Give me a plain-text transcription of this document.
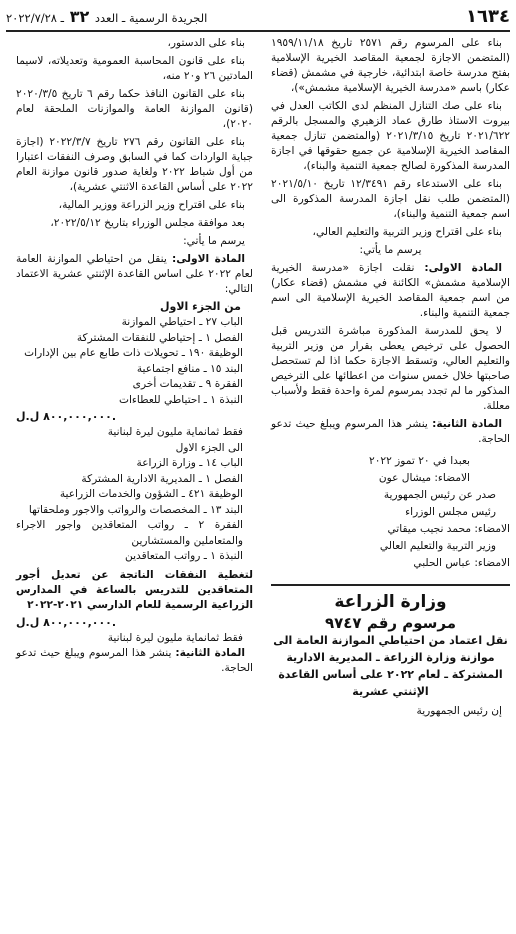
١٦٣٤
الجريدة الرسمية ـ العدد ٣٢ ـ ٢٠٢٢/٧/٢٨

بناء على المرسوم رقم ٢٥٧١ تاريخ ١٩٥٩/١١/١٨ (المتضمن الاجازة لجمعية المقاصد الخيرية الإسلامية بفتح مدرسة خاصة ابتدائية، خارجية في مشمش (قضاء عكار) باسم «مدرسة الخيرية الإسلامية مشمش»)،

بناء على صك التنازل المنظم لدى الكاتب العدل في بيروت الاستاذ طارق عماد الزهيري والمسجل بالرقم ٢٠٢١/٦٢٢ تاريخ ٢٠٢١/٣/١٥ (والمتضمن تنازل جمعية المقاصد الخيرية الإسلامية عن جميع حقوقها في اجازة المدرسة المذكورة لصالح جمعية التنمية والبناء)،

بناء على الاستدعاء رقم ١٢/٣٤٩١ تاريخ ٢٠٢١/٥/١٠ (المتضمن طلب نقل اجازة المدرسة المذكورة الى اسم جمعية التنمية والبناء)،

بناء على اقتراح وزير التربية والتعليم العالي،

يرسم ما يأتي:

المادة الاولى: نقلت اجازة «مدرسة الخيرية الإسلامية مشمش» الكائنة في مشمش (قضاء عكار) من اسم جمعية المقاصد الخيرية الإسلامية الى اسم جمعية التنمية والبناء.

لا يحق للمدرسة المذكورة مباشرة التدريس قبل الحصول على ترخيص يعطى بقرار من وزير التربية والتعليم العالي، وتسقط الاجازة حكما اذا لم تستحصل صاحبتها خلال خمس سنوات من اعطائها على الترخيص المذكور ما لم تجدد بمرسوم لمرة واحدة فقط ولأسباب معللة.

المادة الثانية: ينشر هذا المرسوم ويبلغ حيث تدعو الحاجة.

بعبدا في ٢٠ تموز ٢٠٢٢

الامضاء: ميشال عون

صدر عن رئيس الجمهورية

رئيس مجلس الوزراء

الامضاء: محمد نجيب ميقاتي

وزير التربية والتعليم العالي

الامضاء: عباس الحلبي

وزارة الزراعة
مرسوم رقم ٩٧٤٧
نقل اعتماد من احتياطي الموازنة العامة الى موازنة وزارة الزراعة ـ المديرية الادارية المشتركة ـ لعام ٢٠٢٢ على أساس القاعدة الإثنتي عشرية

إن رئيس الجمهورية

بناء على الدستور،

بناء على قانون المحاسبة العمومية وتعديلاته، لاسيما المادتين ٢٦ و٢٠ منه،

بناء على القانون النافذ حكما رقم ٦ تاريخ ٢٠٢٠/٣/٥ (قانون الموازنة العامة والموازنات الملحقة لعام ٢٠٢٠)،

بناء على القانون رقم ٢٧٦ تاريخ ٢٠٢٢/٣/٧ (اجازة جباية الواردات كما في السابق وصرف النفقات اعتبارا من أول شباط ٢٠٢٢ ولغاية صدور قانون موازنة العام ٢٠٢٢ على أساس القاعدة الاثنتي عشرية)،

بناء على اقتراح وزير الزراعة ووزير المالية،

بعد موافقة مجلس الوزراء بتاريخ ٢٠٢٢/٥/١٢،

يرسم ما يأتي:

المادة الاولى: ينقل من احتياطي الموازنة العامة لعام ٢٠٢٢ على اساس القاعدة الإثنتي عشرية الاعتماد التالي:

من الجزء الاول

الباب ٢٧ ـ احتياطي الموازنة

الفصل ١ ـ إحتياطي للنفقات المشتركة

الوظيفة ١٩٠ ـ تحويلات ذات طابع عام بين الإدارات

البند ١٥ ـ منافع اجتماعية

الفقرة ٩ ـ تقديمات أخرى

النبذة ١ ـ احتياطي للعطاءات

٨٠٠,٠٠٠,٠٠٠ ل.ل.

فقط ثمانماية مليون ليرة لبنانية

الى الجزء الاول

الباب ١٤ ـ وزارة الزراعة

الفصل ١ ـ المديرية الادارية المشتركة

الوظيفة ٤٢١ ـ الشؤون والخدمات الزراعية

البند ١٣ ـ المخصصات والرواتب والاجور وملحقاتها

الفقرة ٢ ـ رواتب المتعاقدين واجور الاجراء والمتعاملين والمستشارين

النبذة ١ ـ رواتب المتعاقدين

لتغطية النفقات الناتجة عن تعديل أجور المتعاقدين للتدريس بالساعة في المدارس الزراعية الرسمية للعام الدارسي ٢٠٢١-٢٠٢٢

٨٠٠,٠٠٠,٠٠٠ ل.ل.

فقط ثمانماية مليون ليرة لبنانية

المادة الثانية: ينشر هذا المرسوم ويبلغ حيث تدعو الحاجة.
